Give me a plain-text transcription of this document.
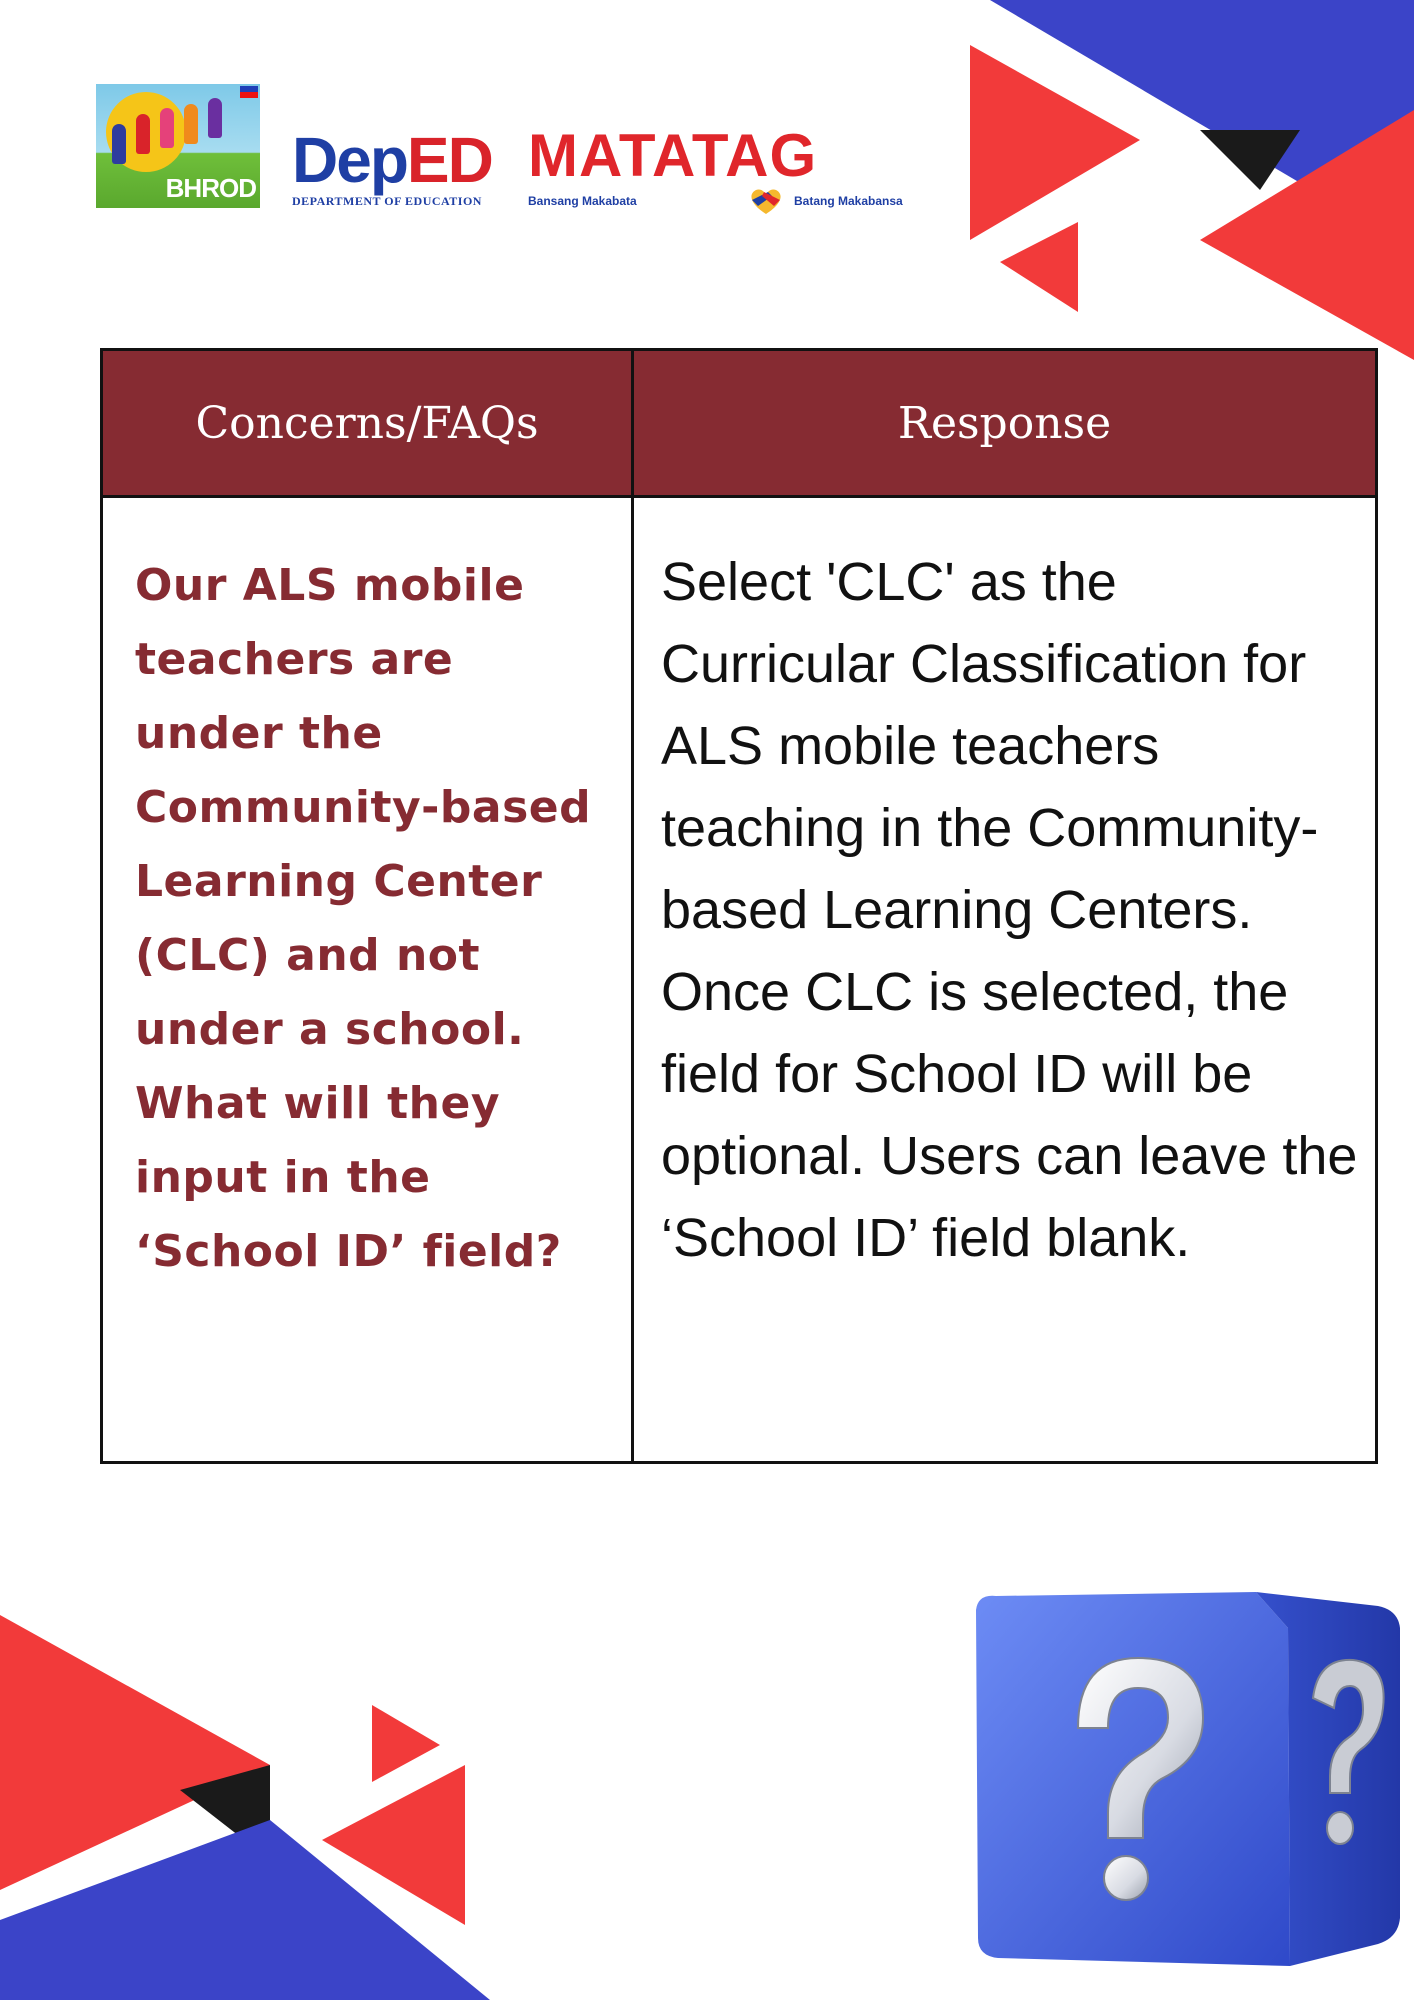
BHROD DepED
DEPARTMENT OF EDUCATION
MATATAG
Bansang Makabata	Batang Makabansa
Concerns/FAQs	Response
Our ALS mobile teachers are under the Community-based Learning Center (CLC) and not under a school. What will they input in the ‘School ID’ field?
Select 'CLC' as the Curricular Classification for ALS mobile teachers teaching in the Community-based Learning Centers. Once CLC is selected, the field for School ID will be optional. Users can leave the ‘School ID’ field blank.
